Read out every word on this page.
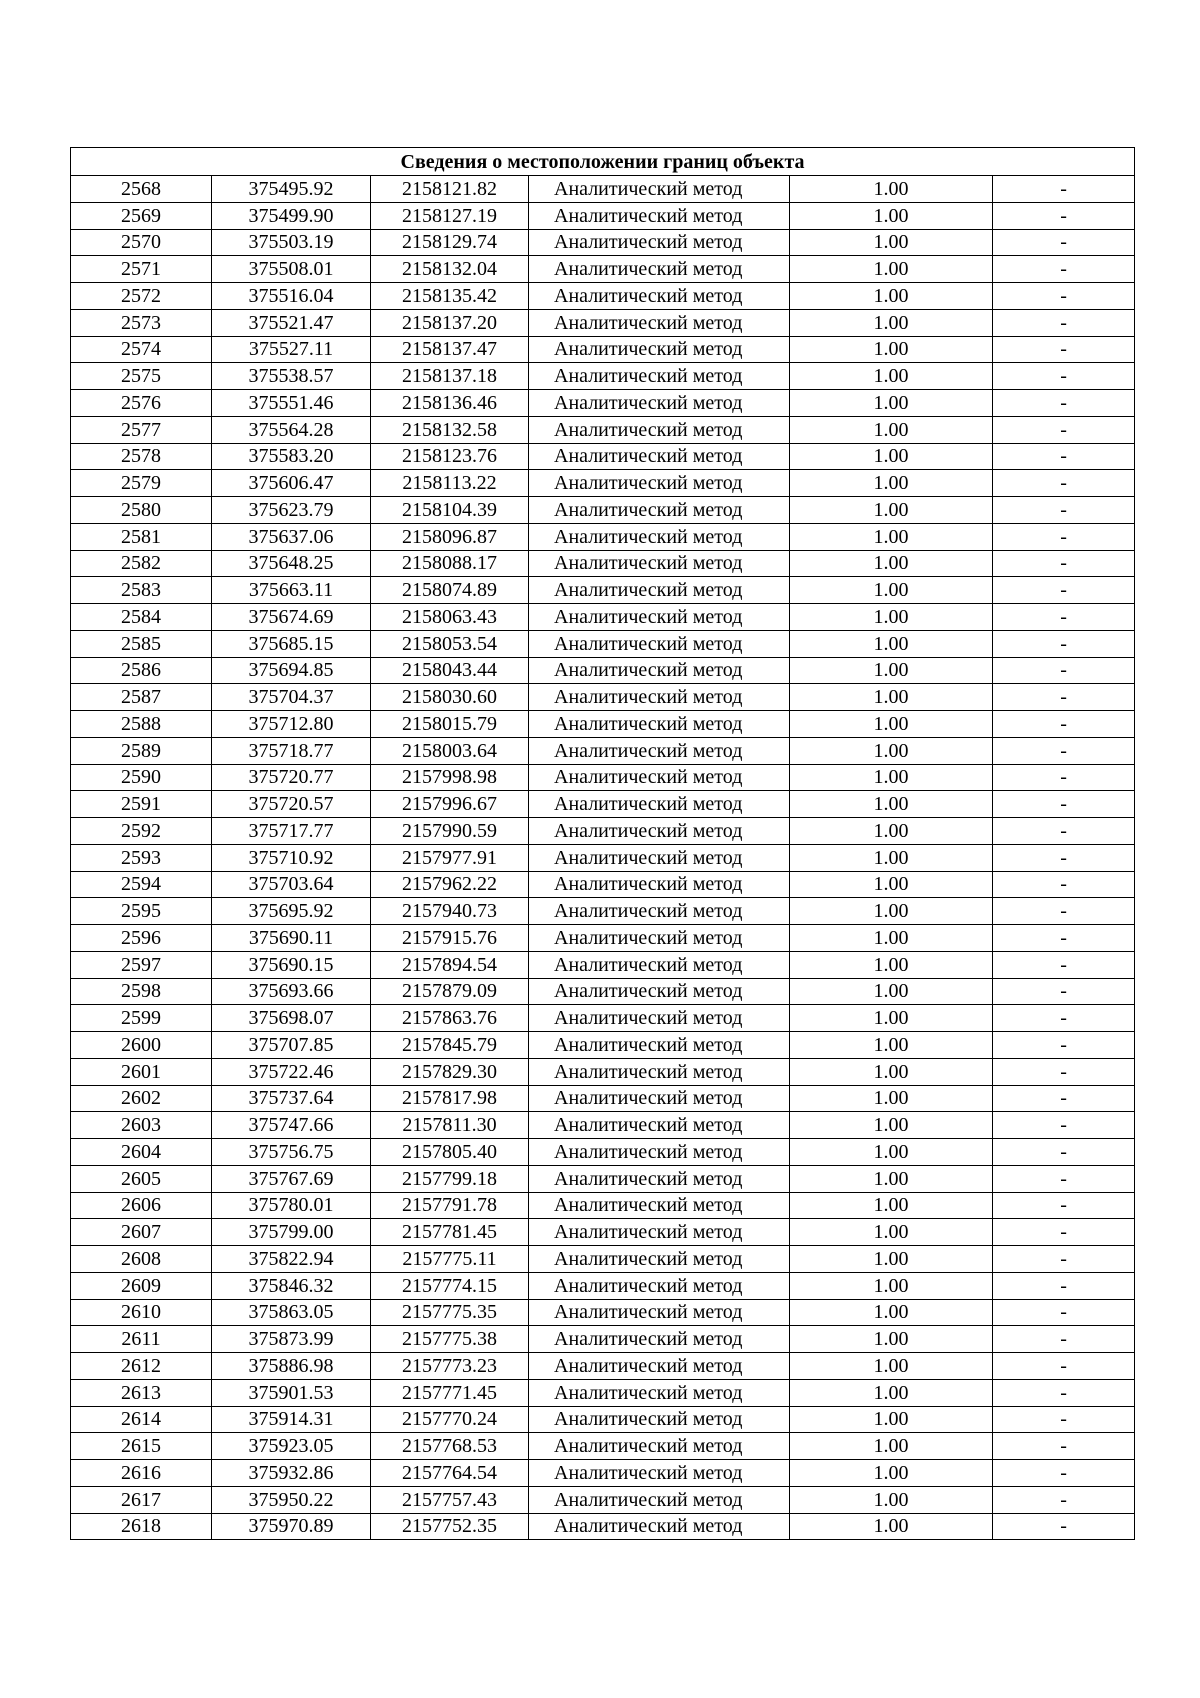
Сведения о местоположении границ объекта					
2568	375495.92	2158121.82	Аналитический метод	1.00	-
2569	375499.90	2158127.19	Аналитический метод	1.00	-
2570	375503.19	2158129.74	Аналитический метод	1.00	-
2571	375508.01	2158132.04	Аналитический метод	1.00	-
2572	375516.04	2158135.42	Аналитический метод	1.00	-
2573	375521.47	2158137.20	Аналитический метод	1.00	-
2574	375527.11	2158137.47	Аналитический метод	1.00	-
2575	375538.57	2158137.18	Аналитический метод	1.00	-
2576	375551.46	2158136.46	Аналитический метод	1.00	-
2577	375564.28	2158132.58	Аналитический метод	1.00	-
2578	375583.20	2158123.76	Аналитический метод	1.00	-
2579	375606.47	2158113.22	Аналитический метод	1.00	-
2580	375623.79	2158104.39	Аналитический метод	1.00	-
2581	375637.06	2158096.87	Аналитический метод	1.00	-
2582	375648.25	2158088.17	Аналитический метод	1.00	-
2583	375663.11	2158074.89	Аналитический метод	1.00	-
2584	375674.69	2158063.43	Аналитический метод	1.00	-
2585	375685.15	2158053.54	Аналитический метод	1.00	-
2586	375694.85	2158043.44	Аналитический метод	1.00	-
2587	375704.37	2158030.60	Аналитический метод	1.00	-
2588	375712.80	2158015.79	Аналитический метод	1.00	-
2589	375718.77	2158003.64	Аналитический метод	1.00	-
2590	375720.77	2157998.98	Аналитический метод	1.00	-
2591	375720.57	2157996.67	Аналитический метод	1.00	-
2592	375717.77	2157990.59	Аналитический метод	1.00	-
2593	375710.92	2157977.91	Аналитический метод	1.00	-
2594	375703.64	2157962.22	Аналитический метод	1.00	-
2595	375695.92	2157940.73	Аналитический метод	1.00	-
2596	375690.11	2157915.76	Аналитический метод	1.00	-
2597	375690.15	2157894.54	Аналитический метод	1.00	-
2598	375693.66	2157879.09	Аналитический метод	1.00	-
2599	375698.07	2157863.76	Аналитический метод	1.00	-
2600	375707.85	2157845.79	Аналитический метод	1.00	-
2601	375722.46	2157829.30	Аналитический метод	1.00	-
2602	375737.64	2157817.98	Аналитический метод	1.00	-
2603	375747.66	2157811.30	Аналитический метод	1.00	-
2604	375756.75	2157805.40	Аналитический метод	1.00	-
2605	375767.69	2157799.18	Аналитический метод	1.00	-
2606	375780.01	2157791.78	Аналитический метод	1.00	-
2607	375799.00	2157781.45	Аналитический метод	1.00	-
2608	375822.94	2157775.11	Аналитический метод	1.00	-
2609	375846.32	2157774.15	Аналитический метод	1.00	-
2610	375863.05	2157775.35	Аналитический метод	1.00	-
2611	375873.99	2157775.38	Аналитический метод	1.00	-
2612	375886.98	2157773.23	Аналитический метод	1.00	-
2613	375901.53	2157771.45	Аналитический метод	1.00	-
2614	375914.31	2157770.24	Аналитический метод	1.00	-
2615	375923.05	2157768.53	Аналитический метод	1.00	-
2616	375932.86	2157764.54	Аналитический метод	1.00	-
2617	375950.22	2157757.43	Аналитический метод	1.00	-
2618	375970.89	2157752.35	Аналитический метод	1.00	-
